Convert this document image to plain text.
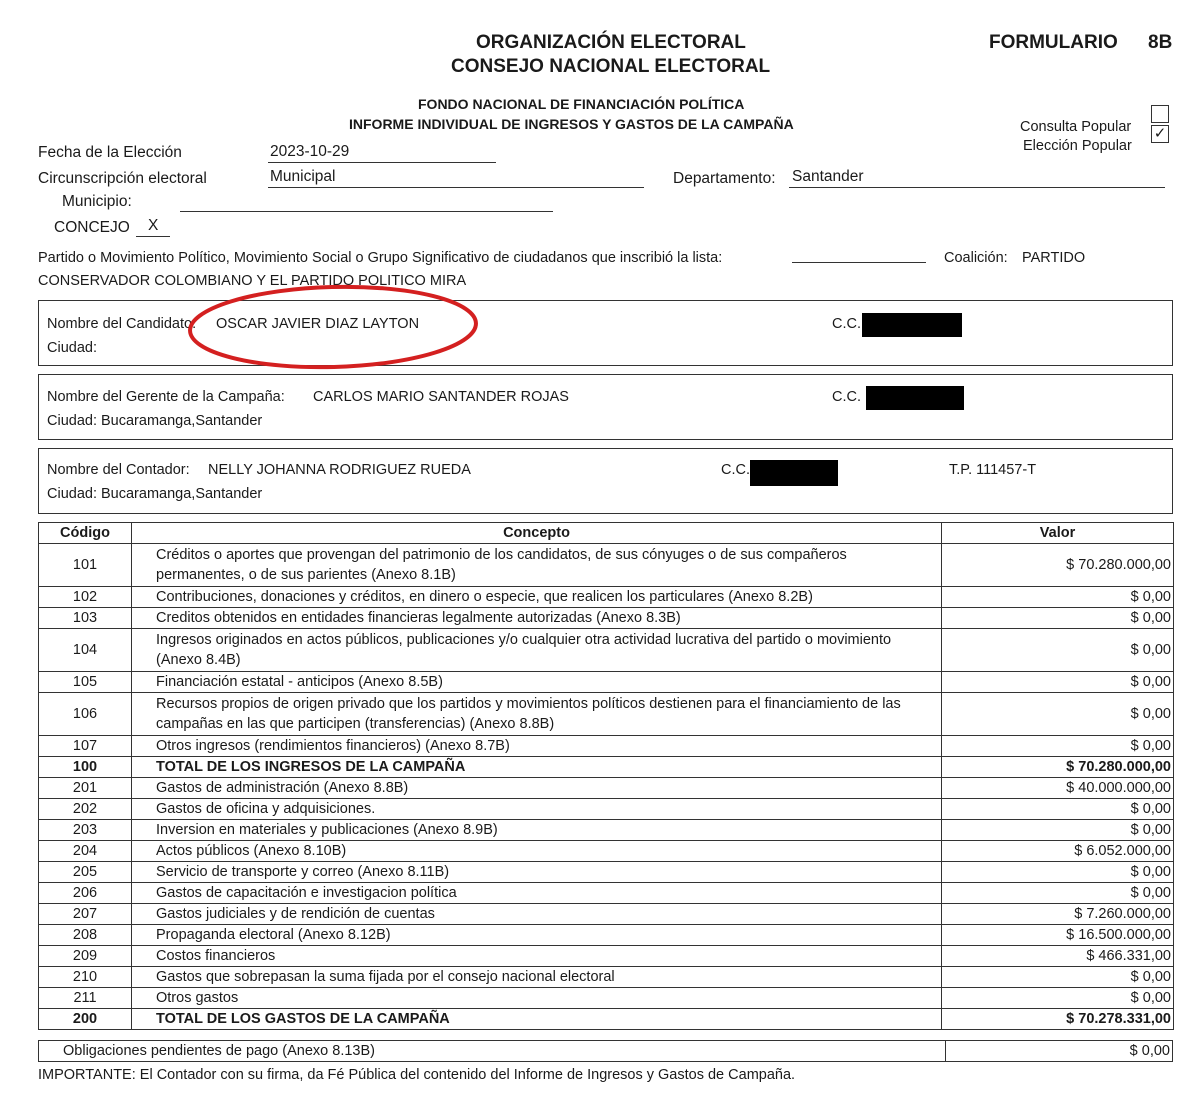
ORGANIZACIÓN ELECTORAL
CONSEJO NACIONAL ELECTORAL
FORMULARIO 8B
FONDO NACIONAL DE FINANCIACIÓN POLÍTICA
INFORME INDIVIDUAL DE INGRESOS Y GASTOS DE LA CAMPAÑA	Consulta Popular
Elección Popular
✓
Fecha de la Elección	2023-10-29
Circunscripción electoral	Municipal	Departamento: Santander
Municipio:
CONCEJO X
Partido o Movimiento Político, Movimiento Social o Grupo Significativo de ciudadanos que inscribió la lista:	Coalición: PARTIDO
CONSERVADOR COLOMBIANO Y EL PARTIDO POLITICO MIRA
Nombre del Candidato: OSCAR JAVIER DIAZ LAYTON	C.C.
Ciudad:
Nombre del Gerente de la Campaña: CARLOS MARIO SANTANDER ROJAS	C.C.
Ciudad: Bucaramanga,Santander
Nombre del Contador: NELLY JOHANNA RODRIGUEZ RUEDA	C.C.	T.P. 111457-T
Ciudad: Bucaramanga,Santander
Código	Concepto	Valor
101	Créditos o aportes que provengan del patrimonio de los candidatos, de sus cónyuges o de sus compañeros permanentes, o de sus parientes (Anexo 8.1B)	$ 70.280.000,00
102	Contribuciones, donaciones y créditos, en dinero o especie, que realicen los particulares (Anexo 8.2B)	$ 0,00
103	Creditos obtenidos en entidades financieras legalmente autorizadas (Anexo 8.3B)	$ 0,00
104	Ingresos originados en actos públicos, publicaciones y/o cualquier otra actividad lucrativa del partido o movimiento (Anexo 8.4B)	$ 0,00
105	Financiación estatal - anticipos (Anexo 8.5B)	$ 0,00
106	Recursos propios de origen privado que los partidos y movimientos políticos destienen para el financiamiento de las campañas en las que participen (transferencias) (Anexo 8.8B)	$ 0,00
107	Otros ingresos (rendimientos financieros) (Anexo 8.7B)	$ 0,00
100	TOTAL DE LOS INGRESOS DE LA CAMPAÑA	$ 70.280.000,00
201	Gastos de administración (Anexo 8.8B)	$ 40.000.000,00
202	Gastos de oficina y adquisiciones.	$ 0,00
203	Inversion en materiales y publicaciones (Anexo 8.9B)	$ 0,00
204	Actos públicos (Anexo 8.10B)	$ 6.052.000,00
205	Servicio de transporte y correo (Anexo 8.11B)	$ 0,00
206	Gastos de capacitación e investigacion política	$ 0,00
207	Gastos judiciales y de rendición de cuentas	$ 7.260.000,00
208	Propaganda electoral (Anexo 8.12B)	$ 16.500.000,00
209	Costos financieros	$ 466.331,00
210	Gastos que sobrepasan la suma fijada por el consejo nacional electoral	$ 0,00
211	Otros gastos	$ 0,00
200	TOTAL DE LOS GASTOS DE LA CAMPAÑA	$ 70.278.331,00
Obligaciones pendientes de pago (Anexo 8.13B)	$ 0,00
IMPORTANTE: El Contador con su firma, da Fé Pública del contenido del Informe de Ingresos y Gastos de Campaña.
